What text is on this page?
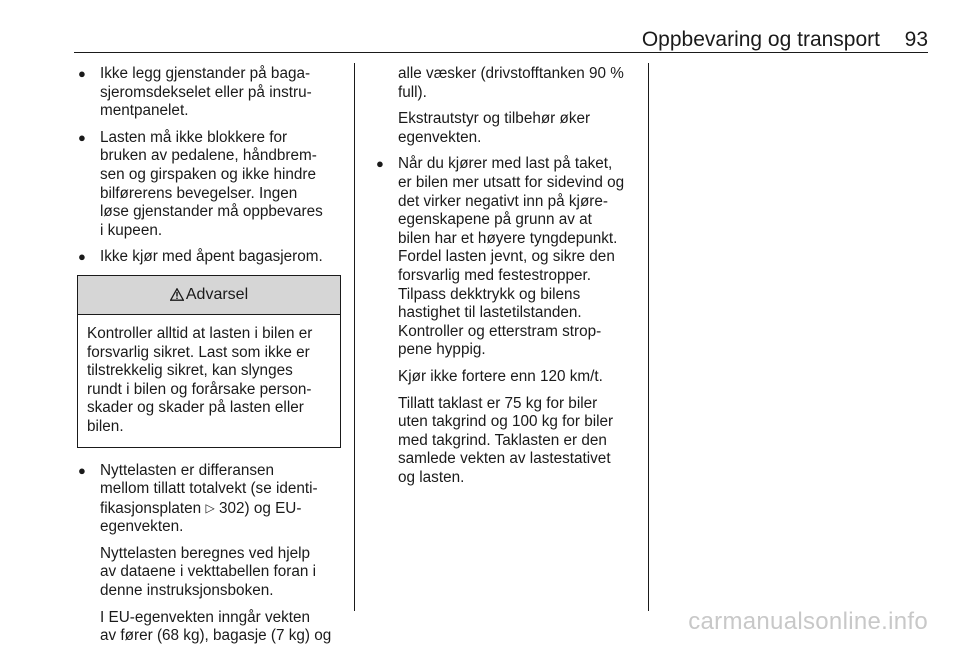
Oppbevaring og transport 93
● Ikke legg gjenstander på baga-

sjeromsdekselet eller på instru-

mentpanelet.

● Lasten må ikke blokkere for

bruken av pedalene, håndbrem-

sen og girspaken og ikke hindre

bilførerens bevegelser. Ingen

løse gjenstander må oppbevares

i kupeen.

● Ikke kjør med åpent bagasjerom.

Advarsel

Kontroller alltid at lasten i bilen er

forsvarlig sikret. Last som ikke er

tilstrekkelig sikret, kan slynges

rundt i bilen og forårsake person-

skader og skader på lasten eller

bilen.

● Nyttelasten er differansen

mellom tillatt totalvekt (se identi-

fikasjonsplaten ▷ 302) og EU-

egenvekten.

Nyttelasten beregnes ved hjelp

av dataene i vekttabellen foran i

denne instruksjonsboken.

I EU-egenvekten inngår vekten

av fører (68 kg), bagasje (7 kg) og

alle væsker (drivstofftanken 90 %

full).

Ekstrautstyr og tilbehør øker

egenvekten.

● Når du kjører med last på taket,

er bilen mer utsatt for sidevind og

det virker negativt inn på kjøre-

egenskapene på grunn av at

bilen har et høyere tyngdepunkt.

Fordel lasten jevnt, og sikre den

forsvarlig med festestropper.

Tilpass dekktrykk og bilens

hastighet til lastetilstanden.

Kontroller og etterstram strop-

pene hyppig.

Kjør ikke fortere enn 120 km/t.

Tillatt taklast er 75 kg for biler

uten takgrind og 100 kg for biler

med takgrind. Taklasten er den

samlede vekten av lastestativet

og lasten.

carmanualsonline.info
